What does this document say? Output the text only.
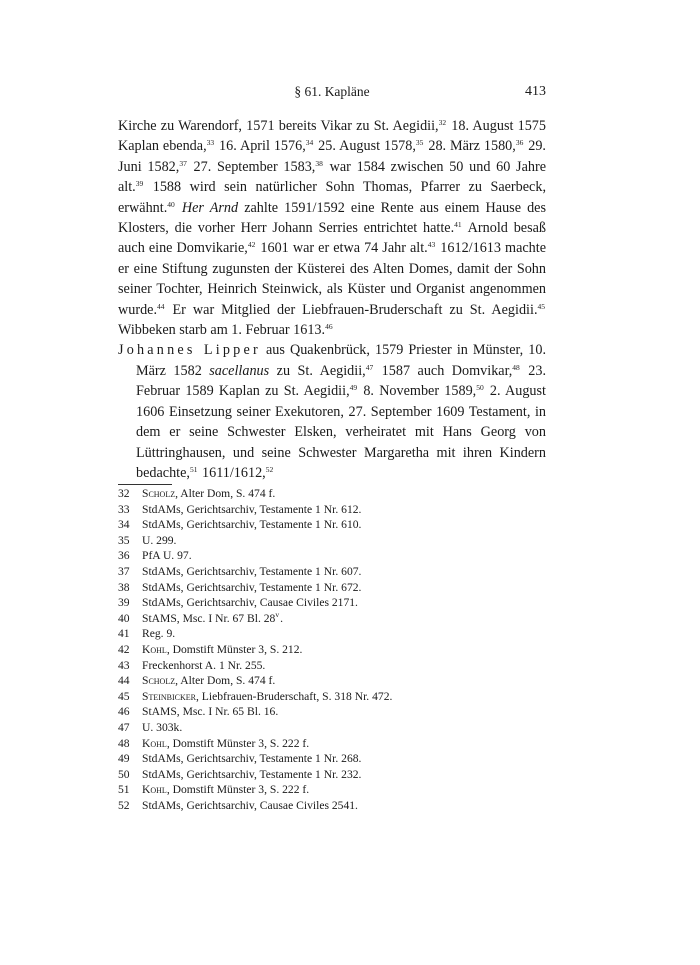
§ 61. Kapläne	413

Kirche zu Warendorf, 1571 bereits Vikar zu St. Aegidii,$^{32}$ 18. August 1575 Kaplan ebenda,$^{33}$ 16. April 1576,34 25. August 1578,35 28. März 1580,36 29. Juni 1582,37 27. September 1583,38 war 1584 zwischen 50 und 60 Jahre alt.$^{39}$ 1588 wird sein natürlicher Sohn Thomas, Pfarrer zu Saerbeck, erwähnt.$^{40}$ Her Arnd zahlte 1591/1592 eine Rente aus einem Hause des Klosters, die vorher Herr Johann Serries entrichtet hatte.$^{41}$ Arnold besaß auch eine Domvikarie,$^{42}$ 1601 war er etwa 74 Jahr alt.$^{43}$ 1612/1613 machte er eine Stiftung zugunsten der Küsterei des Alten Domes, damit der Sohn seiner Tochter, Heinrich Steinwick, als Küster und Organist angenommen wurde.$^{44}$ Er war Mitglied der Liebfrauen-Bruderschaft zu St. Aegidii.$^{45}$ Wibbeken starb am 1. Februar 1613.46

Johannes Lipper aus Quakenbrück, 1579 Priester in Münster, 10. März 1582 sacellanus zu St. Aegidii,$^{47}$ 1587 auch Domvikar,$^{48}$ 23. Februar 1589 Kaplan zu St. Aegidii,$^{49}$ 8. November 1589,50 2. August 1606 Einsetzung seiner Exekutoren, 27. September 1609 Testament, in dem er seine Schwester Elsken, verheiratet mit Hans Georg von Lüttringhausen, und seine Schwester Margaretha mit ihren Kindern bedachte,$^{51}$ 1611/1612,52

32	Scholz, Alter Dom, S. 474 f.
33	StdAMs, Gerichtsarchiv, Testamente 1 Nr. 612.
34	StdAMs, Gerichtsarchiv, Testamente 1 Nr. 610.
35	U. 299.
36	PfA U. 97.
37	StdAMs, Gerichtsarchiv, Testamente 1 Nr. 607.
38	StdAMs, Gerichtsarchiv, Testamente 1 Nr. 672.
39	StdAMs, Gerichtsarchiv, Causae Civiles 2171.
40	StAMS, Msc. I Nr. 67 Bl. 28$^v$.
41	Reg. 9.
42	Kohl, Domstift Münster 3, S. 212.
43	Freckenhorst A. 1 Nr. 255.
44	Scholz, Alter Dom, S. 474 f.
45	Steinbicker, Liebfrauen-Bruderschaft, S. 318 Nr. 472.
46	StAMS, Msc. I Nr. 65 Bl. 16.
47	U. 303k.
48	Kohl, Domstift Münster 3, S. 222 f.
49	StdAMs, Gerichtsarchiv, Testamente 1 Nr. 268.
50	StdAMs, Gerichtsarchiv, Testamente 1 Nr. 232.
51	Kohl, Domstift Münster 3, S. 222 f.
52	StdAMs, Gerichtsarchiv, Causae Civiles 2541.
